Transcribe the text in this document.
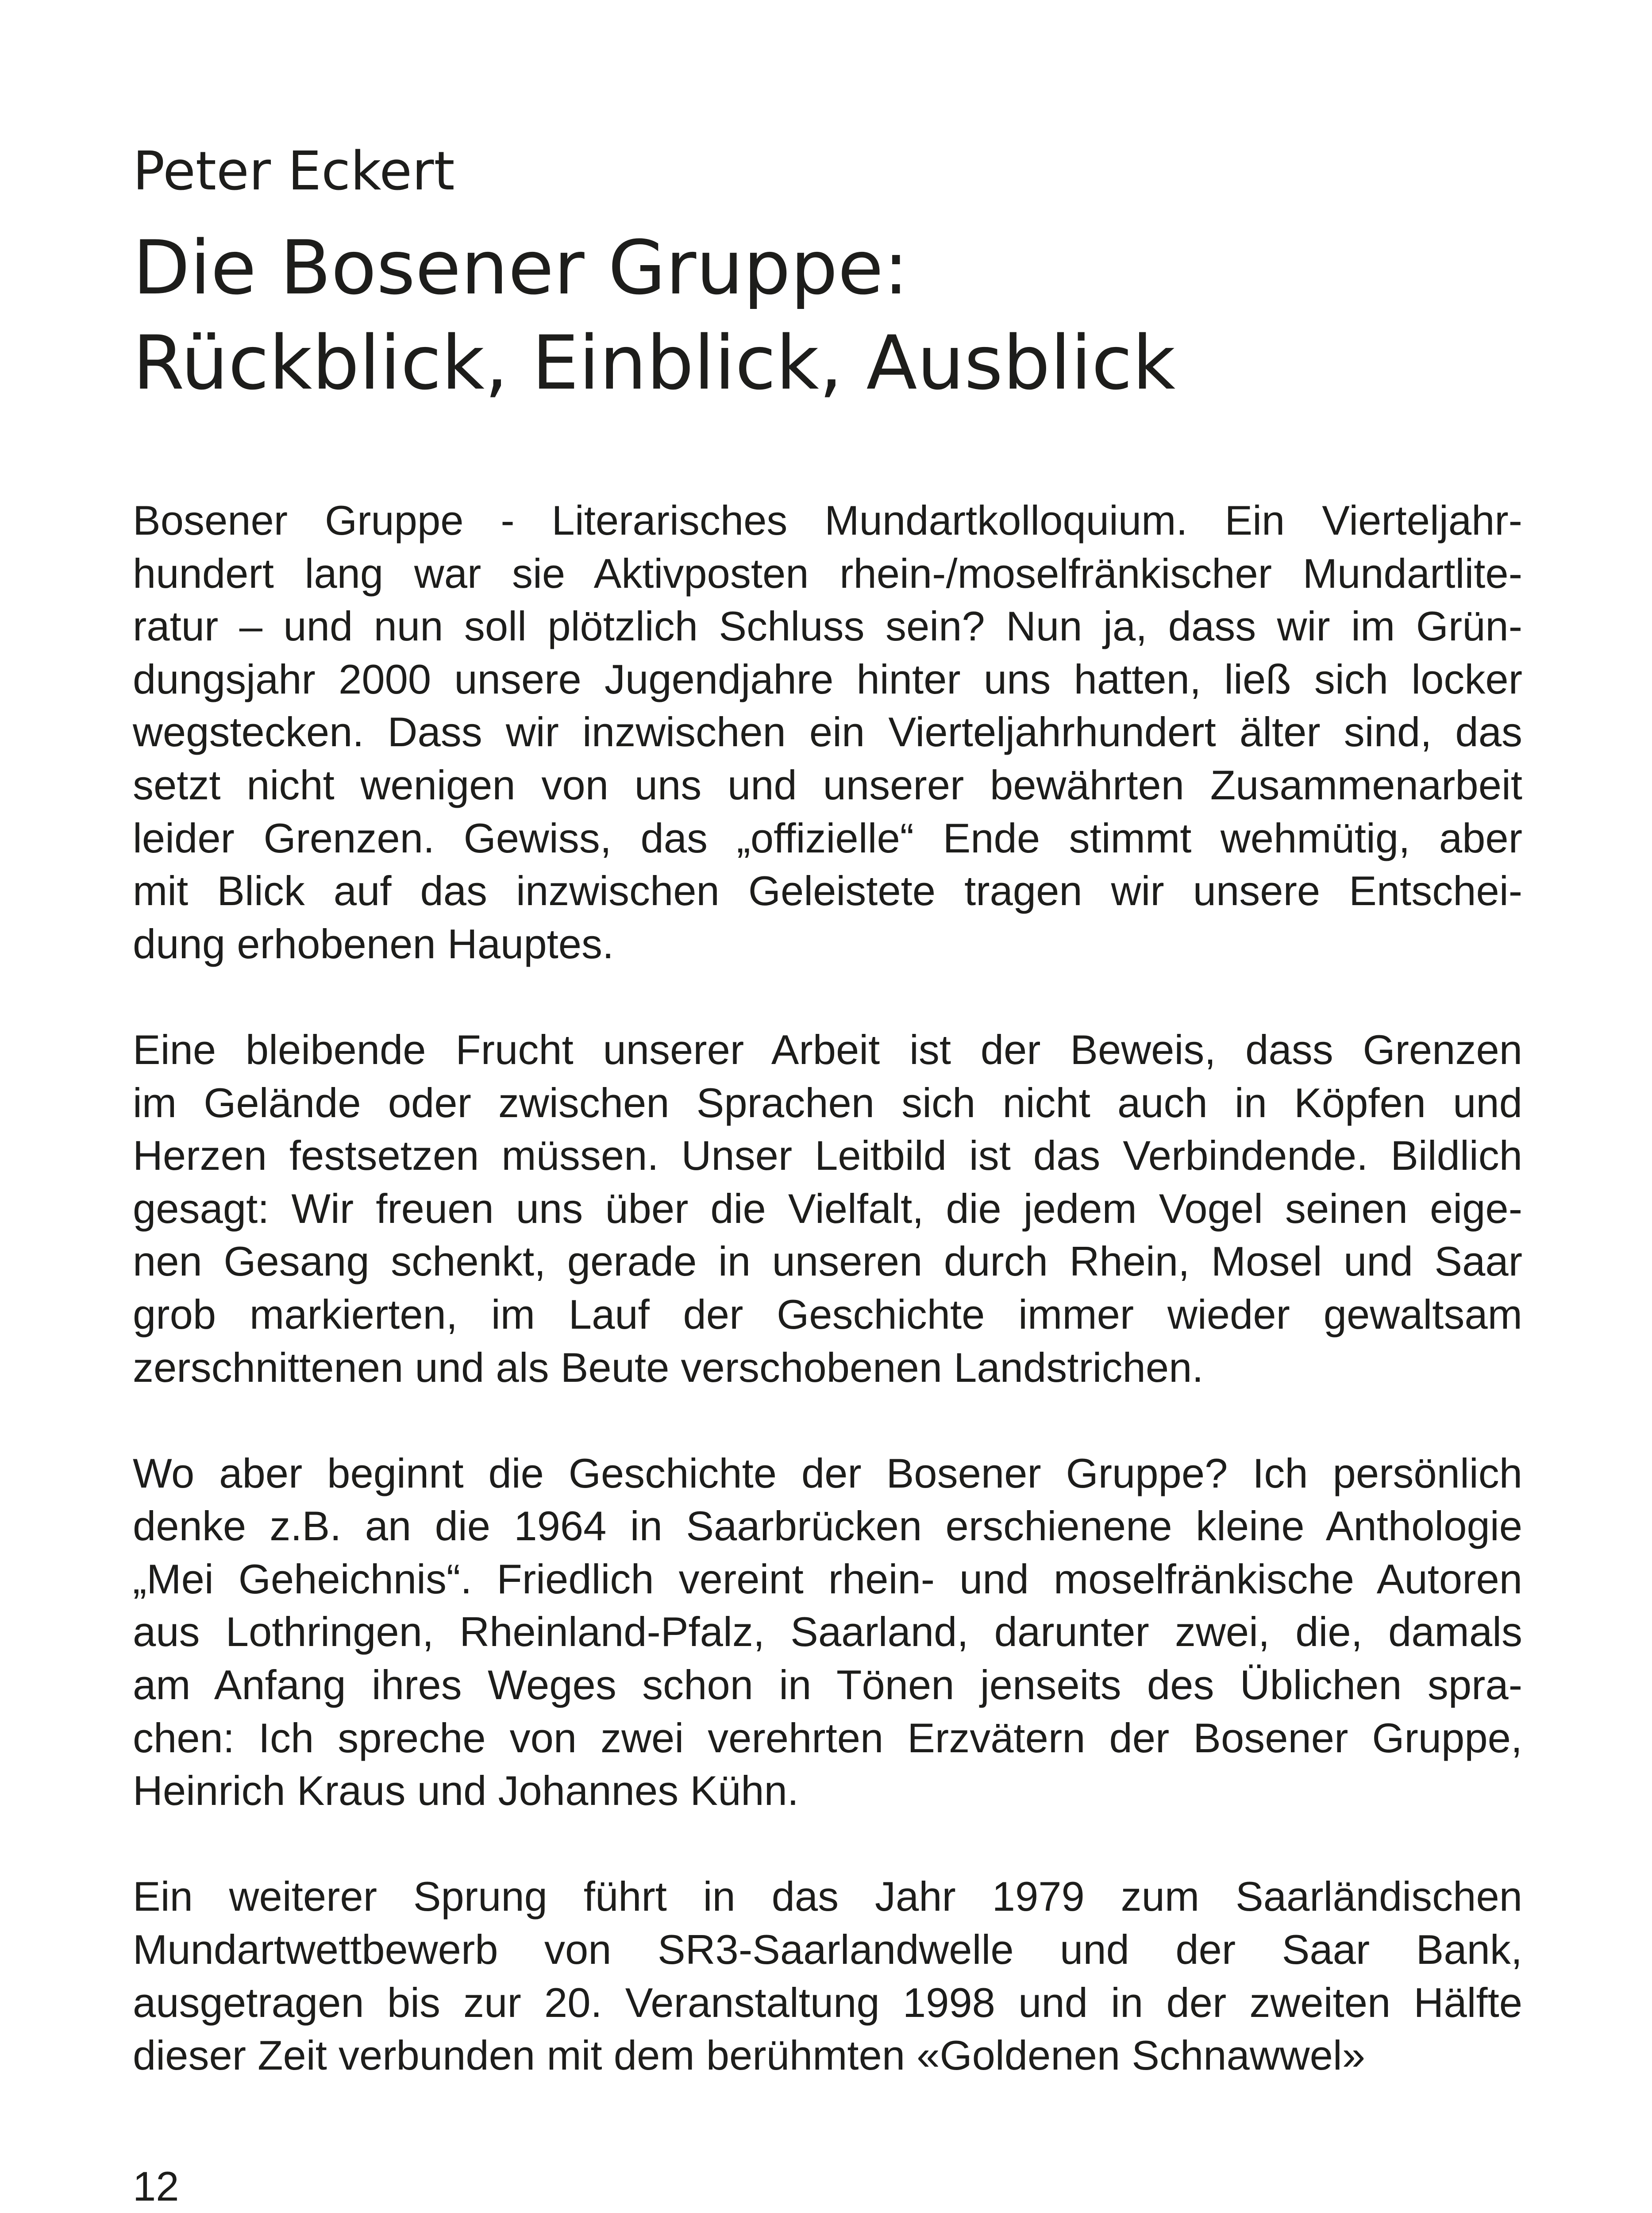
Peter Eckert
Die Bosener Gruppe:
Rückblick, Einblick, Ausblick

Bosener Gruppe - Literarisches Mundartkolloquium. Ein Vierteljahr-
hundert lang war sie Aktivposten rhein-/moselfränkischer Mundartlite-
ratur – und nun soll plötzlich Schluss sein? Nun ja, dass wir im Grün-
dungsjahr 2000 unsere Jugendjahre hinter uns hatten, ließ sich locker
wegstecken. Dass wir inzwischen ein Vierteljahrhundert älter sind, das
setzt nicht wenigen von uns und unserer bewährten Zusammenarbeit
leider Grenzen. Gewiss, das „offizielle“ Ende stimmt wehmütig, aber
mit Blick auf das inzwischen Geleistete tragen wir unsere Entschei-
dung erhobenen Hauptes.

Eine bleibende Frucht unserer Arbeit ist der Beweis, dass Grenzen
im Gelände oder zwischen Sprachen sich nicht auch in Köpfen und
Herzen festsetzen müssen. Unser Leitbild ist das Verbindende. Bildlich
gesagt: Wir freuen uns über die Vielfalt, die jedem Vogel seinen eige-
nen Gesang schenkt, gerade in unseren durch Rhein, Mosel und Saar
grob markierten, im Lauf der Geschichte immer wieder gewaltsam
zerschnittenen und als Beute verschobenen Landstrichen.

Wo aber beginnt die Geschichte der Bosener Gruppe? Ich persönlich
denke z.B. an die 1964 in Saarbrücken erschienene kleine Anthologie
„Mei Geheichnis“. Friedlich vereint rhein- und moselfränkische Autoren
aus Lothringen, Rheinland-Pfalz, Saarland, darunter zwei, die, damals
am Anfang ihres Weges schon in Tönen jenseits des Üblichen spra-
chen: Ich spreche von zwei verehrten Erzvätern der Bosener Gruppe,
Heinrich Kraus und Johannes Kühn.

Ein weiterer Sprung führt in das Jahr 1979 zum Saarländischen
Mundartwettbewerb von SR3-Saarlandwelle und der Saar Bank,
ausgetragen bis zur 20. Veranstaltung 1998 und in der zweiten Hälfte
dieser Zeit verbunden mit dem berühmten «Goldenen Schnawwel»

12
